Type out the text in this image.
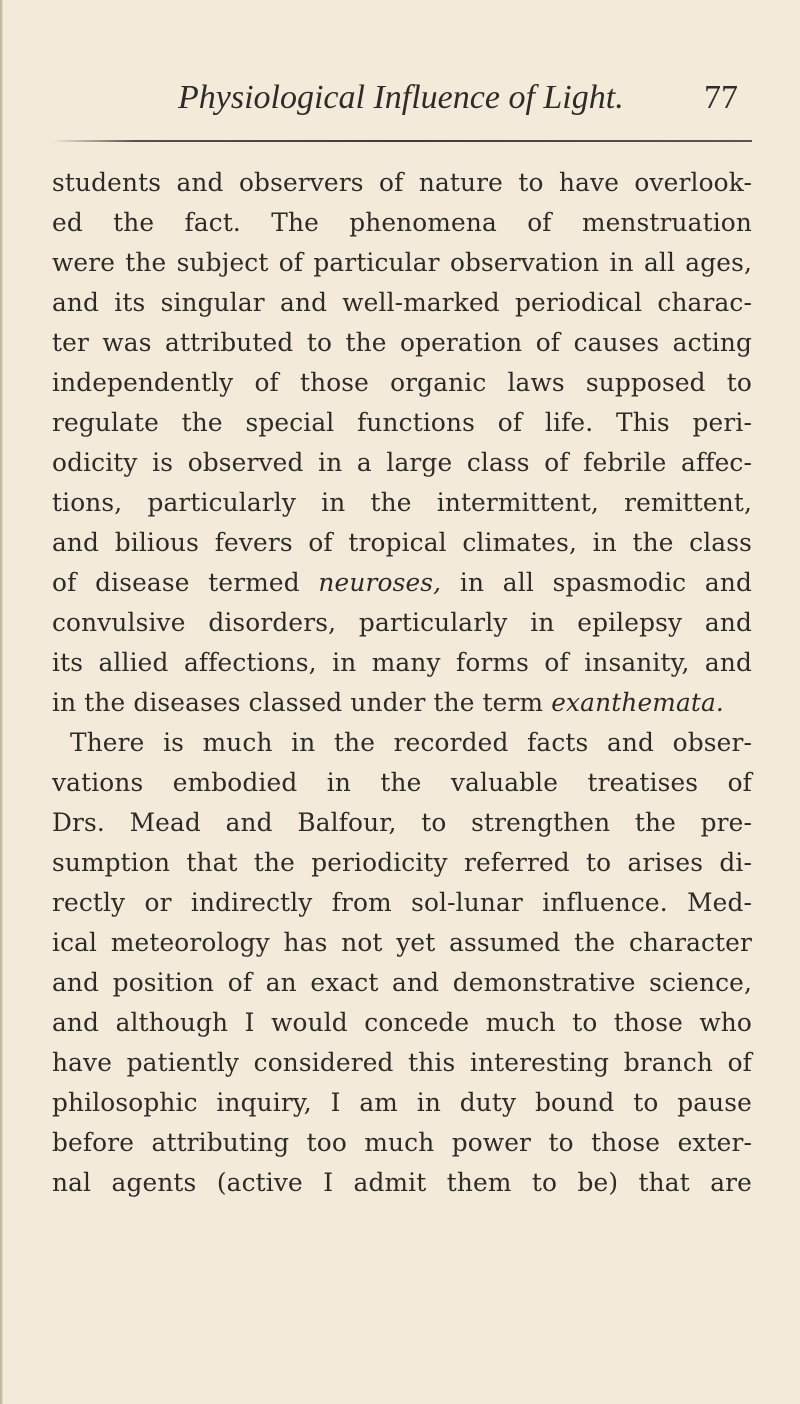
Physiological Influence of Light. 77
students and observers of nature to have overlook-
ed the fact. The phenomena of menstruation
were the subject of particular observation in all ages,
and its singular and well-marked periodical charac-
ter was attributed to the operation of causes acting
independently of those organic laws supposed to
regulate the special functions of life. This peri-
odicity is observed in a large class of febrile affec-
tions, particularly in the intermittent, remittent,
and bilious fevers of tropical climates, in the class
of disease termed neuroses, in all spasmodic and
convulsive disorders, particularly in epilepsy and
its allied affections, in many forms of insanity, and
in the diseases classed under the term exanthemata.
There is much in the recorded facts and obser-
vations embodied in the valuable treatises of
Drs. Mead and Balfour, to strengthen the pre-
sumption that the periodicity referred to arises di-
rectly or indirectly from sol-lunar influence. Med-
ical meteorology has not yet assumed the character
and position of an exact and demonstrative science,
and although I would concede much to those who
have patiently considered this interesting branch of
philosophic inquiry, I am in duty bound to pause
before attributing too much power to those exter-
nal agents (active I admit them to be) that are
